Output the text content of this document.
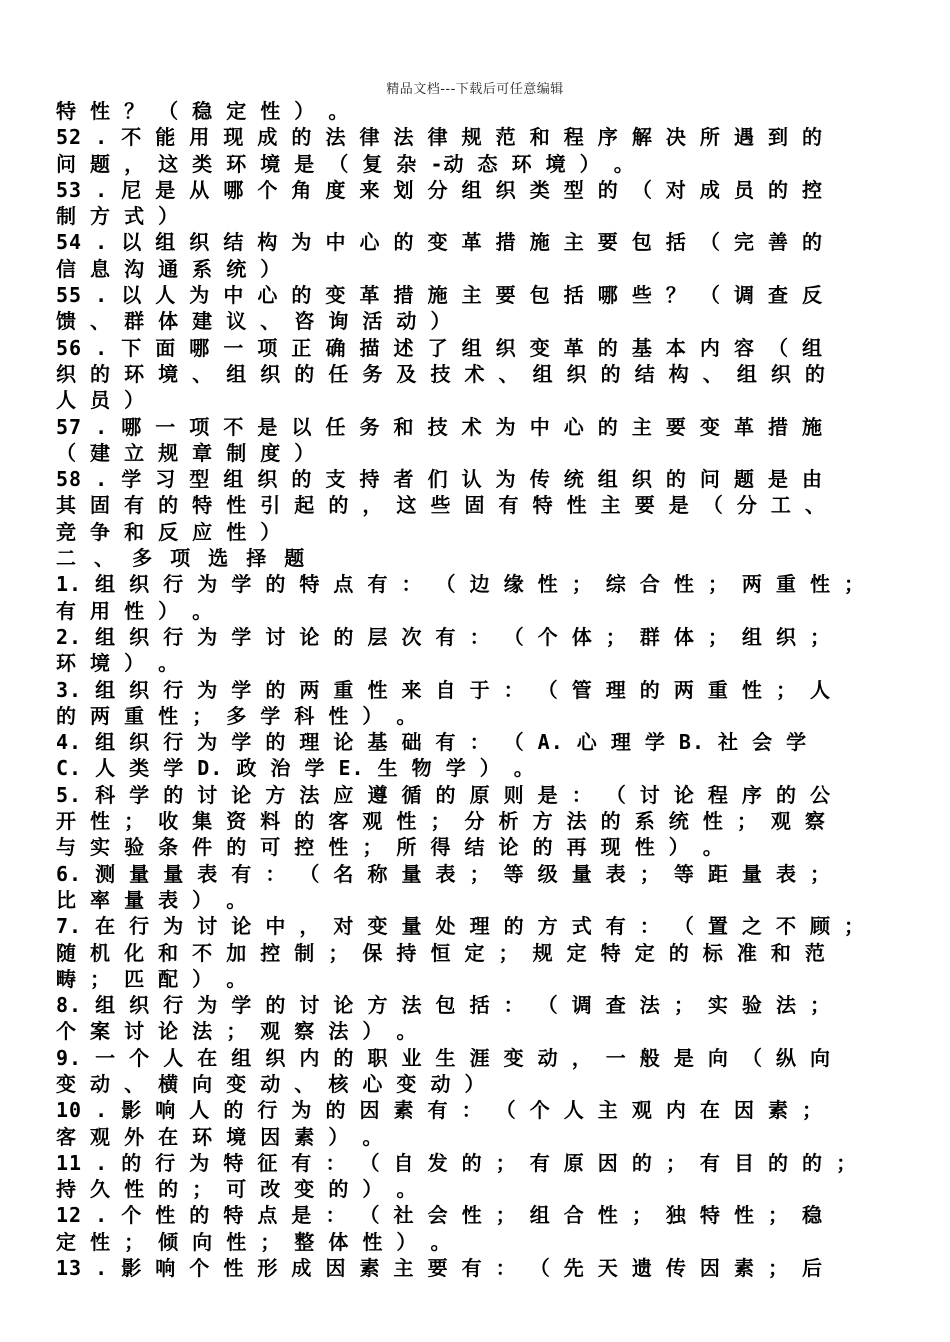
精品文档---下载后可任意编辑
特 性 ？ （ 稳 定 性 ） 。
52 . 不 能 用 现 成 的 法 律 法 律 规 范 和 程 序 解 决 所 遇 到 的
问 题 ， 这 类 环 境 是 （ 复 杂 -动 态 环 境 ） 。
53 . 尼 是 从 哪 个 角 度 来 划 分 组 织 类 型 的 （ 对 成 员 的 控
制 方 式 ）
54 . 以 组 织 结 构 为 中 心 的 变 革 措 施 主 要 包 括 （ 完 善 的
信 息 沟 通 系 统 ）
55 . 以 人 为 中 心 的 变 革 措 施 主 要 包 括 哪 些 ？ （ 调 查 反
馈 、 群 体 建 议 、 咨 询 活 动 ）
56 . 下 面 哪 一 项 正 确 描 述 了 组 织 变 革 的 基 本 内 容 （ 组
织 的 环 境 、 组 织 的 任 务 及 技 术 、 组 织 的 结 构 、 组 织 的
人 员 ）
57 . 哪 一 项 不 是 以 任 务 和 技 术 为 中 心 的 主 要 变 革 措 施
（ 建 立 规 章 制 度 ）
58 . 学 习 型 组 织 的 支 持 者 们 认 为 传 统 组 织 的 问 题 是 由
其 固 有 的 特 性 引 起 的 ， 这 些 固 有 特 性 主 要 是 （ 分 工 、
竞 争 和 反 应 性 ）
二 、 多 项 选 择 题
1. 组 织 行 为 学 的 特 点 有 ： （ 边 缘 性 ； 综 合 性 ； 两 重 性 ；
有 用 性 ） 。
2. 组 织 行 为 学 讨 论 的 层 次 有 ： （ 个 体 ； 群 体 ； 组 织 ；
环 境 ） 。
3. 组 织 行 为 学 的 两 重 性 来 自 于 ： （ 管 理 的 两 重 性 ； 人
的 两 重 性 ； 多 学 科 性 ） 。
4. 组 织 行 为 学 的 理 论 基 础 有 ： （ A. 心 理 学 B. 社 会 学
C. 人 类 学 D. 政 治 学 E. 生 物 学 ） 。
5. 科 学 的 讨 论 方 法 应 遵 循 的 原 则 是 ： （ 讨 论 程 序 的 公
开 性 ； 收 集 资 料 的 客 观 性 ； 分 析 方 法 的 系 统 性 ； 观 察
与 实 验 条 件 的 可 控 性 ； 所 得 结 论 的 再 现 性 ） 。
6. 测 量 量 表 有 ： （ 名 称 量 表 ； 等 级 量 表 ； 等 距 量 表 ；
比 率 量 表 ） 。
7. 在 行 为 讨 论 中 ， 对 变 量 处 理 的 方 式 有 ： （ 置 之 不 顾 ；
随 机 化 和 不 加 控 制 ； 保 持 恒 定 ； 规 定 特 定 的 标 准 和 范
畴 ； 匹 配 ） 。
8. 组 织 行 为 学 的 讨 论 方 法 包 括 ： （ 调 查 法 ； 实 验 法 ；
个 案 讨 论 法 ； 观 察 法 ） 。
9. 一 个 人 在 组 织 内 的 职 业 生 涯 变 动 ， 一 般 是 向 （ 纵 向
变 动 、 横 向 变 动 、 核 心 变 动 ）
10 . 影 响 人 的 行 为 的 因 素 有 ： （ 个 人 主 观 内 在 因 素 ；
客 观 外 在 环 境 因 素 ） 。
11 . 的 行 为 特 征 有 ： （ 自 发 的 ； 有 原 因 的 ； 有 目 的 的 ；
持 久 性 的 ； 可 改 变 的 ） 。
12 . 个 性 的 特 点 是 ： （ 社 会 性 ； 组 合 性 ； 独 特 性 ； 稳
定 性 ； 倾 向 性 ； 整 体 性 ） 。
13 . 影 响 个 性 形 成 因 素 主 要 有 ： （ 先 天 遗 传 因 素 ； 后
